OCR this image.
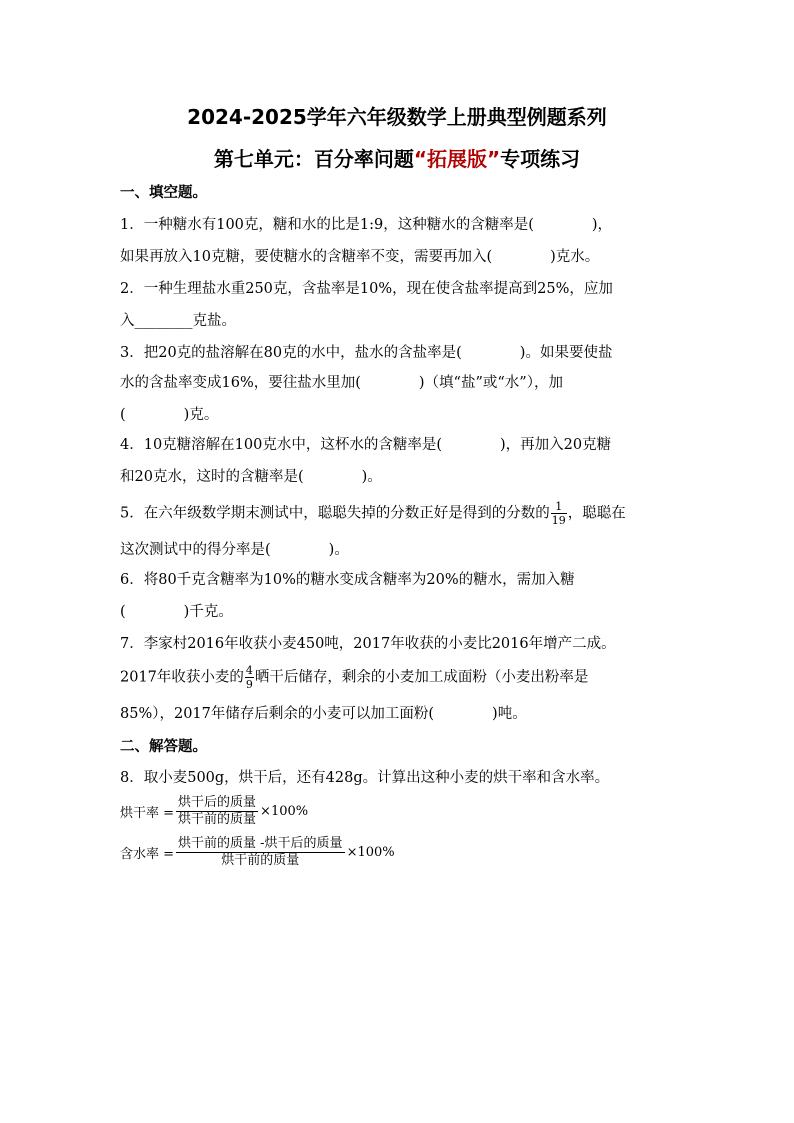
2024-2025学年六年级数学上册典型例题系列
第七单元：百分率问题“拓展版”专项练习
一、填空题。
1．一种糖水有100克，糖和水的比是1:9，这种糖水的含糖率是(　　　　)，
如果再放入10克糖，要使糖水的含糖率不变，需要再加入(　　　　)克水。
2．一种生理盐水重250克，含盐率是10%，现在使含盐率提高到25%，应加
入________克盐。
3．把20克的盐溶解在80克的水中，盐水的含盐率是(　　　　)。如果要使盐
水的含盐率变成16%，要往盐水里加(　　　　)（填“盐”或“水”），加
(　　　　)克。
4．10克糖溶解在100克水中，这杯水的含糖率是(　　　　)，再加入20克糖
和20克水，这时的含糖率是(　　　　)。
5．在六年级数学期末测试中，聪聪失掉的分数正好是得到的分数的 $\frac{1}{19}$ ，聪聪在
这次测试中的得分率是(　　　　)。
6．将80千克含糖率为10%的糖水变成含糖率为20%的糖水，需加入糖
(　　　　)千克。
7．李家村2016年收获小麦450吨，2017年收获的小麦比2016年增产二成。
2017年收获小麦的 $\frac{4}{9}$ 晒干后储存，剩余的小麦加工成面粉（小麦出粉率是
85%），2017年储存后剩余的小麦可以加工面粉(　　　　)吨。
二、解答题。
8．取小麦500g，烘干后，还有428g。计算出这种小麦的烘干率和含水率。
烘干率 = $\frac{\text{烘干后的质量}}{\text{烘干前的质量}} \times 100\%$
含水率 = $\frac{\text{烘干前的质量 -烘干后的质量}}{\text{烘干前的质量}} \times 100\%$
